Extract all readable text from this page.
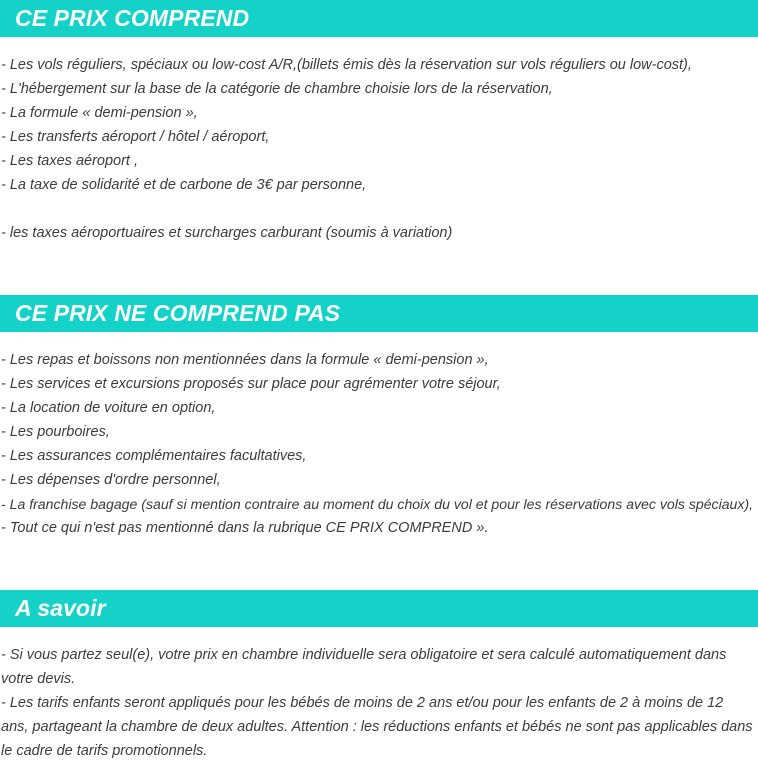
CE PRIX COMPREND
- Les vols réguliers, spéciaux ou low-cost A/R,(billets émis dès la réservation sur vols réguliers ou low-cost),
- L'hébergement sur la base de la catégorie de chambre choisie lors de la réservation,
- La formule « demi-pension »,
- Les transferts aéroport / hôtel / aéroport,
- Les taxes aéroport ,
- La taxe de solidarité et de carbone de 3€ par personne,
- les taxes aéroportuaires et surcharges carburant (soumis à variation)
CE PRIX NE COMPREND PAS
- Les repas et boissons non mentionnées dans la formule « demi-pension »,
- Les services et excursions proposés sur place pour agrémenter votre séjour,
- La location de voiture en option,
- Les pourboires,
- Les assurances complémentaires facultatives,
- Les dépenses d'ordre personnel,
- La franchise bagage (sauf si mention contraire au moment du choix du vol et pour les réservations avec vols spéciaux),
- Tout ce qui n'est pas mentionné dans la rubrique CE PRIX COMPREND ».
A savoir
- Si vous partez seul(e), votre prix en chambre individuelle sera obligatoire et sera calculé automatiquement dans votre devis.
- Les tarifs enfants seront appliqués pour les bébés de moins de 2 ans et/ou pour les enfants de 2 à moins de 12 ans, partageant la chambre de deux adultes. Attention : les réductions enfants et bébés ne sont pas applicables dans le cadre de tarifs promotionnels.
